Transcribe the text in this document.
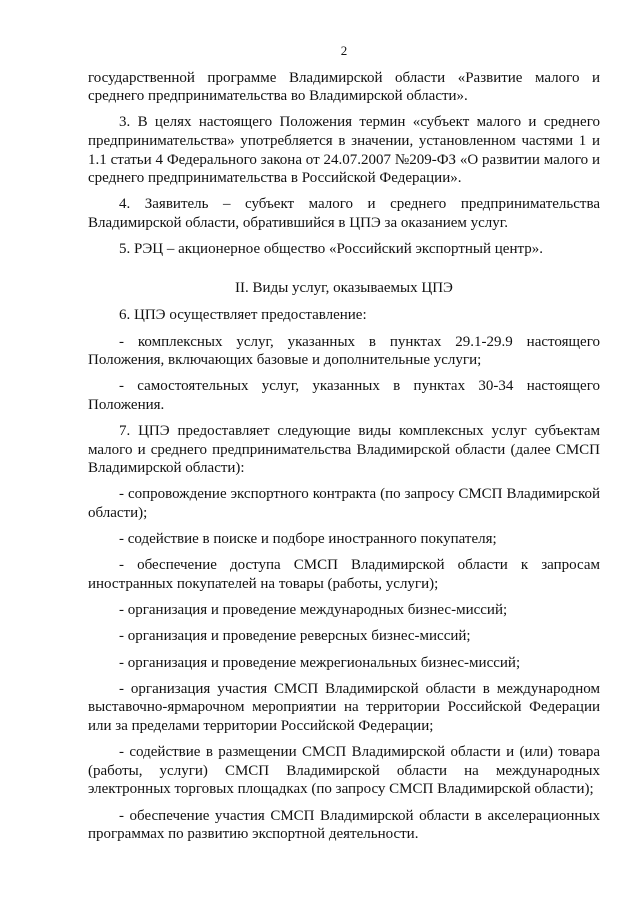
2

государственной программе Владимирской области «Развитие малого и среднего предпринимательства во Владимирской области».

3. В целях настоящего Положения термин «субъект малого и среднего предпринимательства» употребляется в значении, установленном частями 1 и 1.1 статьи 4 Федерального закона от 24.07.2007 №209-ФЗ «О развитии малого и среднего предпринимательства в Российской Федерации».

4. Заявитель – субъект малого и среднего предпринимательства Владимирской области, обратившийся в ЦПЭ за оказанием услуг.

5. РЭЦ – акционерное общество «Российский экспортный центр».

II. Виды услуг, оказываемых ЦПЭ

6. ЦПЭ осуществляет предоставление:

- комплексных услуг, указанных в пунктах 29.1-29.9 настоящего Положения, включающих базовые и дополнительные услуги;

- самостоятельных услуг, указанных в пунктах 30-34 настоящего Положения.

7. ЦПЭ предоставляет следующие виды комплексных услуг субъектам малого и среднего предпринимательства Владимирской области (далее СМСП Владимирской области):

- сопровождение экспортного контракта (по запросу СМСП Владимирской области);

- содействие в поиске и подборе иностранного покупателя;

- обеспечение доступа СМСП Владимирской области к запросам иностранных покупателей на товары (работы, услуги);

- организация и проведение международных бизнес-миссий;

- организация и проведение реверсных бизнес-миссий;

- организация и проведение межрегиональных бизнес-миссий;

- организация участия СМСП Владимирской области в международном выставочно-ярмарочном мероприятии на территории Российской Федерации или за пределами территории Российской Федерации;

- содействие в размещении СМСП Владимирской области и (или) товара (работы, услуги) СМСП Владимирской области на международных электронных торговых площадках (по запросу СМСП Владимирской области);

- обеспечение участия СМСП Владимирской области в акселерационных программах по развитию экспортной деятельности.
